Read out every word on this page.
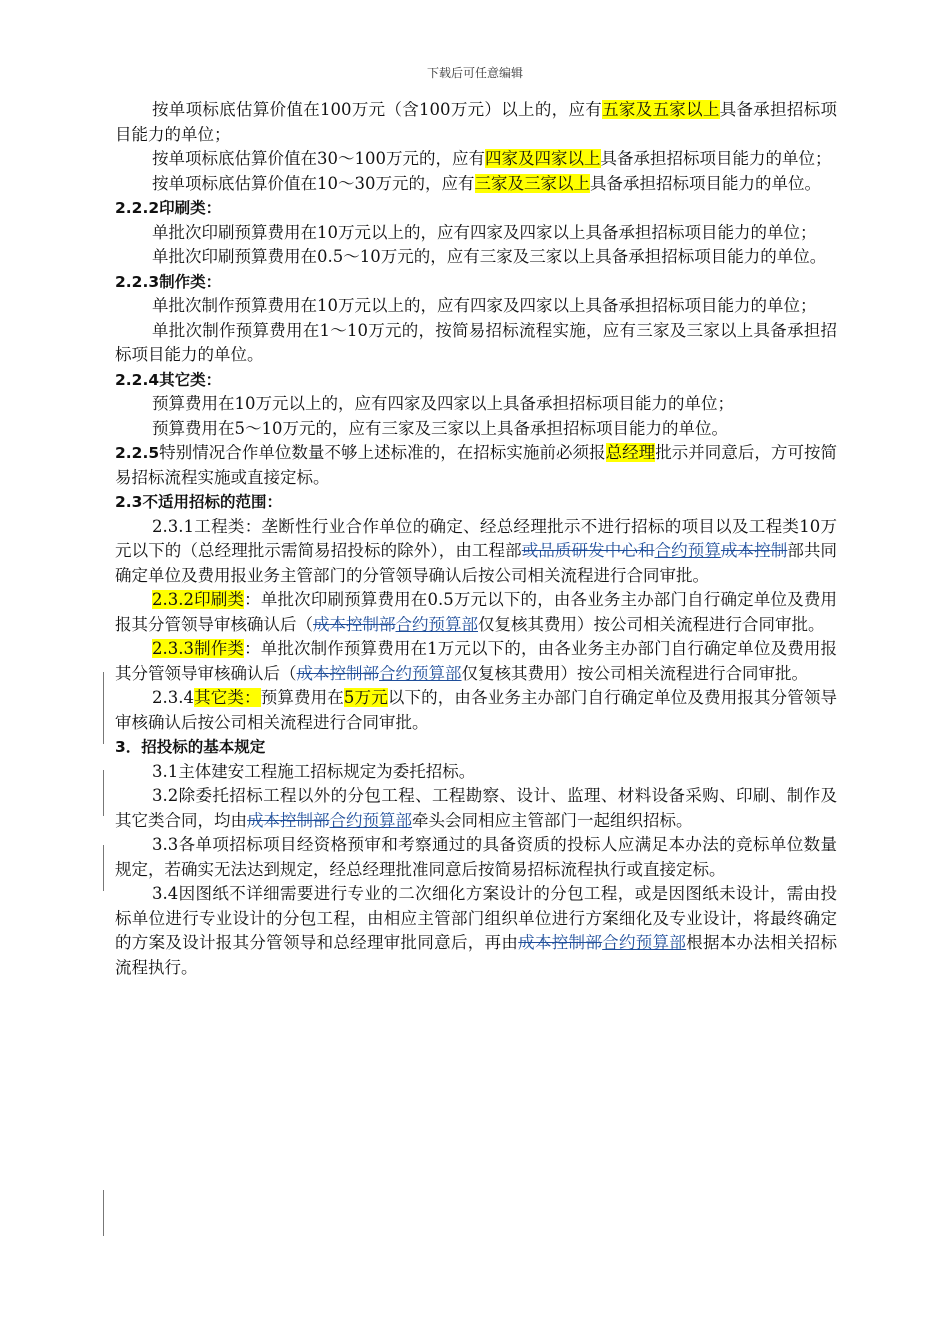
下载后可任意编辑

按单项标底估算价值在100万元（含100万元）以上的，应有五家及五家以上具备承担招标项目能力的单位；

按单项标底估算价值在30～100万元的，应有四家及四家以上具备承担招标项目能力的单位；

按单项标底估算价值在10～30万元的，应有三家及三家以上具备承担招标项目能力的单位。

2.2.2印刷类：

单批次印刷预算费用在10万元以上的，应有四家及四家以上具备承担招标项目能力的单位；

单批次印刷预算费用在0.5～10万元的，应有三家及三家以上具备承担招标项目能力的单位。

2.2.3制作类：

单批次制作预算费用在10万元以上的，应有四家及四家以上具备承担招标项目能力的单位；

单批次制作预算费用在1～10万元的，按简易招标流程实施，应有三家及三家以上具备承担招标项目能力的单位。

2.2.4其它类：

预算费用在10万元以上的，应有四家及四家以上具备承担招标项目能力的单位；

预算费用在5～10万元的，应有三家及三家以上具备承担招标项目能力的单位。

2.2.5特别情况合作单位数量不够上述标准的，在招标实施前必须报总经理批示并同意后，方可按简易招标流程实施或直接定标。

2.3不适用招标的范围：

2.3.1工程类：垄断性行业合作单位的确定、经总经理批示不进行招标的项目以及工程类10万元以下的（总经理批示需简易招投标的除外），由工程部或品质研发中心和合约预算成本控制部共同确定单位及费用报业务主管部门的分管领导确认后按公司相关流程进行合同审批。

2.3.2印刷类：单批次印刷预算费用在0.5万元以下的，由各业务主办部门自行确定单位及费用报其分管领导审核确认后（成本控制部合约预算部仅复核其费用）按公司相关流程进行合同审批。

2.3.3制作类：单批次制作预算费用在1万元以下的，由各业务主办部门自行确定单位及费用报其分管领导审核确认后（成本控制部合约预算部仅复核其费用）按公司相关流程进行合同审批。

2.3.4其它类：预算费用在5万元以下的，由各业务主办部门自行确定单位及费用报其分管领导审核确认后按公司相关流程进行合同审批。

3．招投标的基本规定

3.1主体建安工程施工招标规定为委托招标。

3.2除委托招标工程以外的分包工程、工程勘察、设计、监理、材料设备采购、印刷、制作及其它类合同，均由成本控制部合约预算部牵头会同相应主管部门一起组织招标。

3.3各单项招标项目经资格预审和考察通过的具备资质的投标人应满足本办法的竞标单位数量规定，若确实无法达到规定，经总经理批准同意后按简易招标流程执行或直接定标。

3.4因图纸不详细需要进行专业的二次细化方案设计的分包工程，或是因图纸未设计，需由投标单位进行专业设计的分包工程，由相应主管部门组织单位进行方案细化及专业设计，将最终确定的方案及设计报其分管领导和总经理审批同意后，再由成本控制部合约预算部根据本办法相关招标流程执行。
